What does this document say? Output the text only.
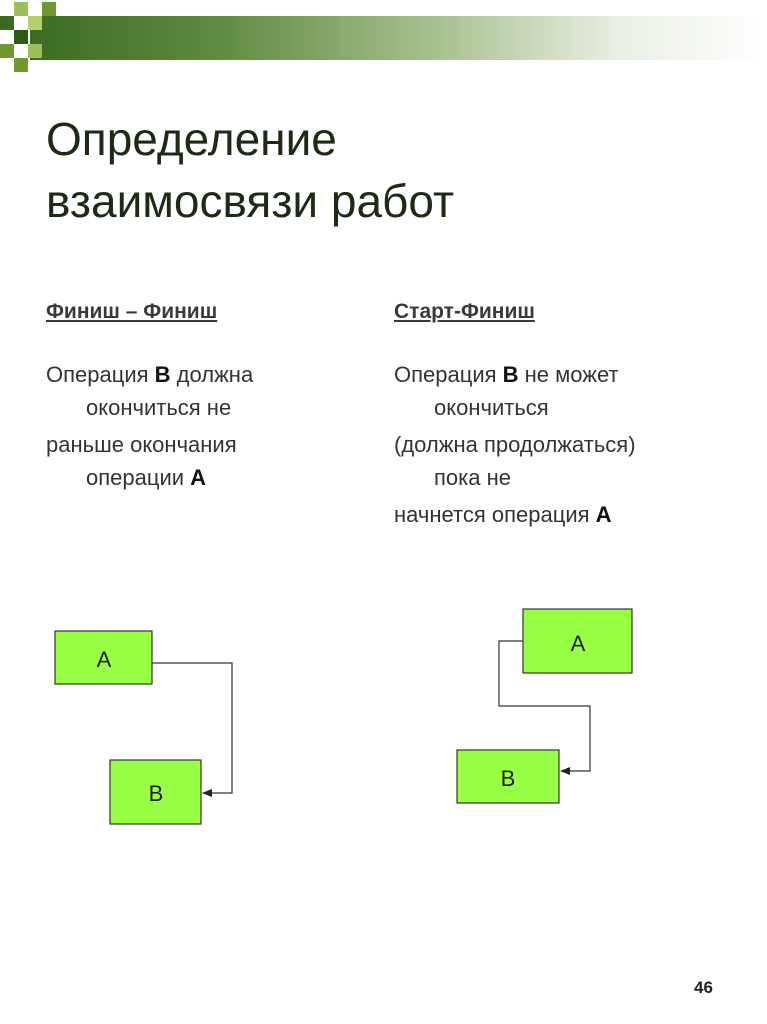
Определение
взаимосвязи работ
Финиш – Финиш
Операция B должна
окончиться не
раньше окончания
операции А
Старт-Финиш
Операция В не может
окончиться
(должна продолжаться)
пока не
начнется операция А
A
B
A
B
46
